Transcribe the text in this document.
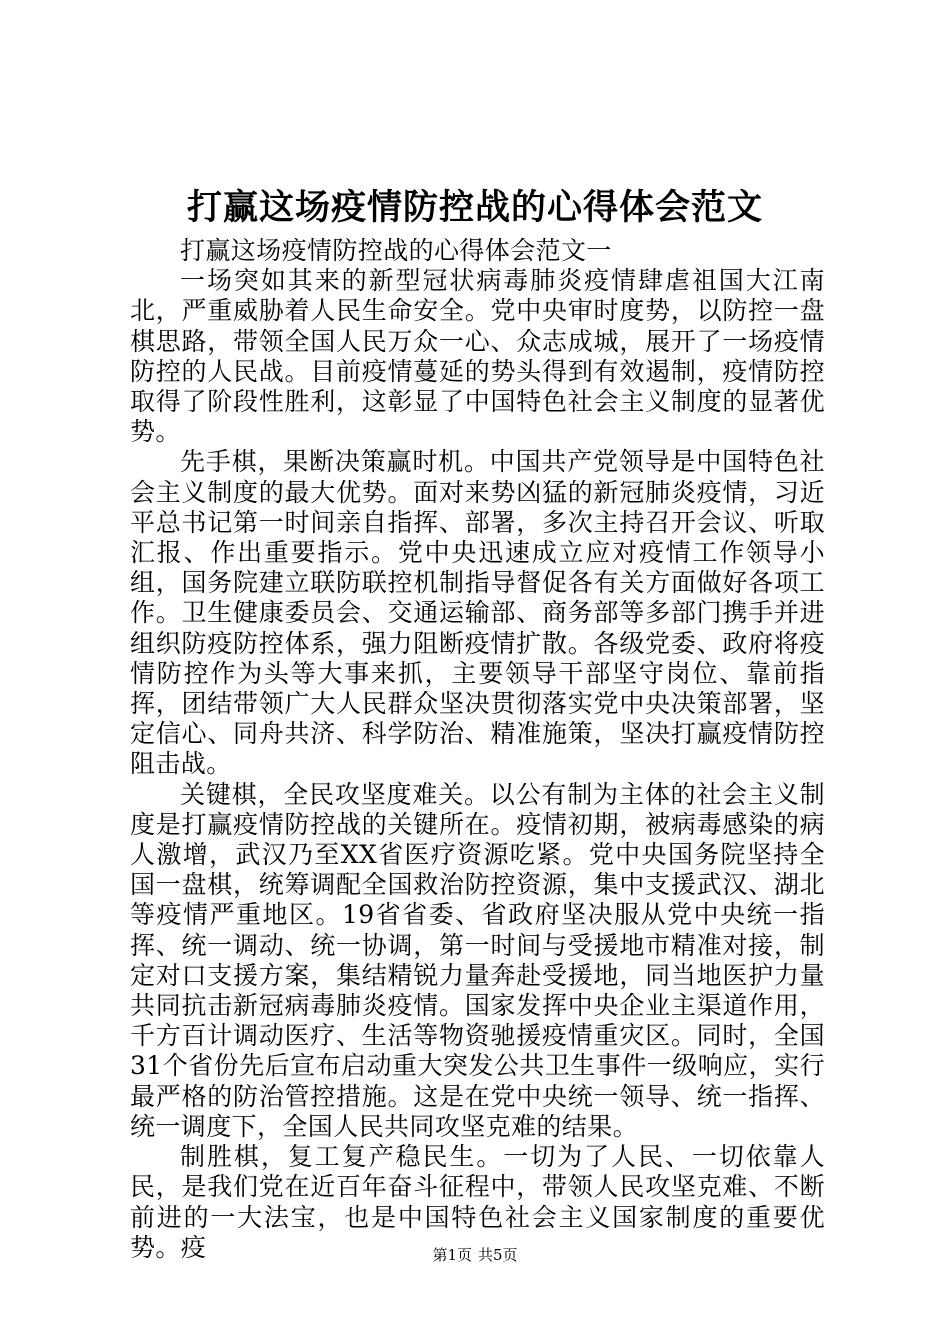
打赢这场疫情防控战的心得体会范文

打赢这场疫情防控战的心得体会范文一

一场突如其来的新型冠状病毒肺炎疫情肆虐祖国大江南北，严重威胁着人民生命安全。党中央审时度势，以防控一盘棋思路，带领全国人民万众一心、众志成城，展开了一场疫情防控的人民战。目前疫情蔓延的势头得到有效遏制，疫情防控取得了阶段性胜利，这彰显了中国特色社会主义制度的显著优势。

先手棋，果断决策赢时机。中国共产党领导是中国特色社会主义制度的最大优势。面对来势凶猛的新冠肺炎疫情，习近平总书记第一时间亲自指挥、部署，多次主持召开会议、听取汇报、作出重要指示。党中央迅速成立应对疫情工作领导小组，国务院建立联防联控机制指导督促各有关方面做好各项工作。卫生健康委员会、交通运输部、商务部等多部门携手并进组织防疫防控体系，强力阻断疫情扩散。各级党委、政府将疫情防控作为头等大事来抓，主要领导干部坚守岗位、靠前指挥，团结带领广大人民群众坚决贯彻落实党中央决策部署，坚定信心、同舟共济、科学防治、精准施策，坚决打赢疫情防控阻击战。

关键棋，全民攻坚度难关。以公有制为主体的社会主义制度是打赢疫情防控战的关键所在。疫情初期，被病毒感染的病人激增，武汉乃至XX省医疗资源吃紧。党中央国务院坚持全国一盘棋，统筹调配全国救治防控资源，集中支援武汉、湖北等疫情严重地区。19省省委、省政府坚决服从党中央统一指挥、统一调动、统一协调，第一时间与受援地市精准对接，制定对口支援方案，集结精锐力量奔赴受援地，同当地医护力量共同抗击新冠病毒肺炎疫情。国家发挥中央企业主渠道作用，千方百计调动医疗、生活等物资驰援疫情重灾区。同时，全国31个省份先后宣布启动重大突发公共卫生事件一级响应，实行最严格的防治管控措施。这是在党中央统一领导、统一指挥、统一调度下，全国人民共同攻坚克难的结果。

制胜棋，复工复产稳民生。一切为了人民、一切依靠人民，是我们党在近百年奋斗征程中，带领人民攻坚克难、不断前进的一大法宝，也是中国特色社会主义国家制度的重要优势。疫	第1页 共5页
